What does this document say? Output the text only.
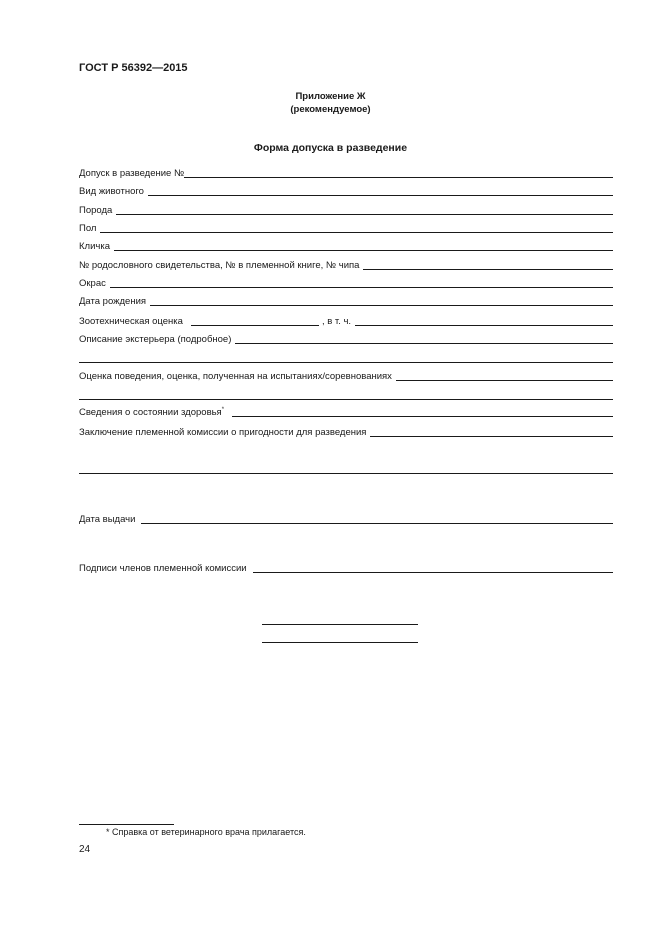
ГОСТ Р 56392—2015
Приложение Ж
(рекомендуемое)
Форма допуска в разведение
Допуск в разведение №
Вид животного
Порода
Пол
Кличка
№ родословного свидетельства, № в племенной книге, № чипа
Окрас
Дата рождения
Зоотехническая оценка	, в т. ч.
Описание экстерьера (подробное)
Оценка поведения, оценка, полученная на испытаниях/соревнованиях
Сведения о состоянии здоровья*
Заключение племенной комиссии о пригодности для разведения
Дата выдачи
Подписи членов племенной комиссии
* Справка от ветеринарного врача прилагается.
24
